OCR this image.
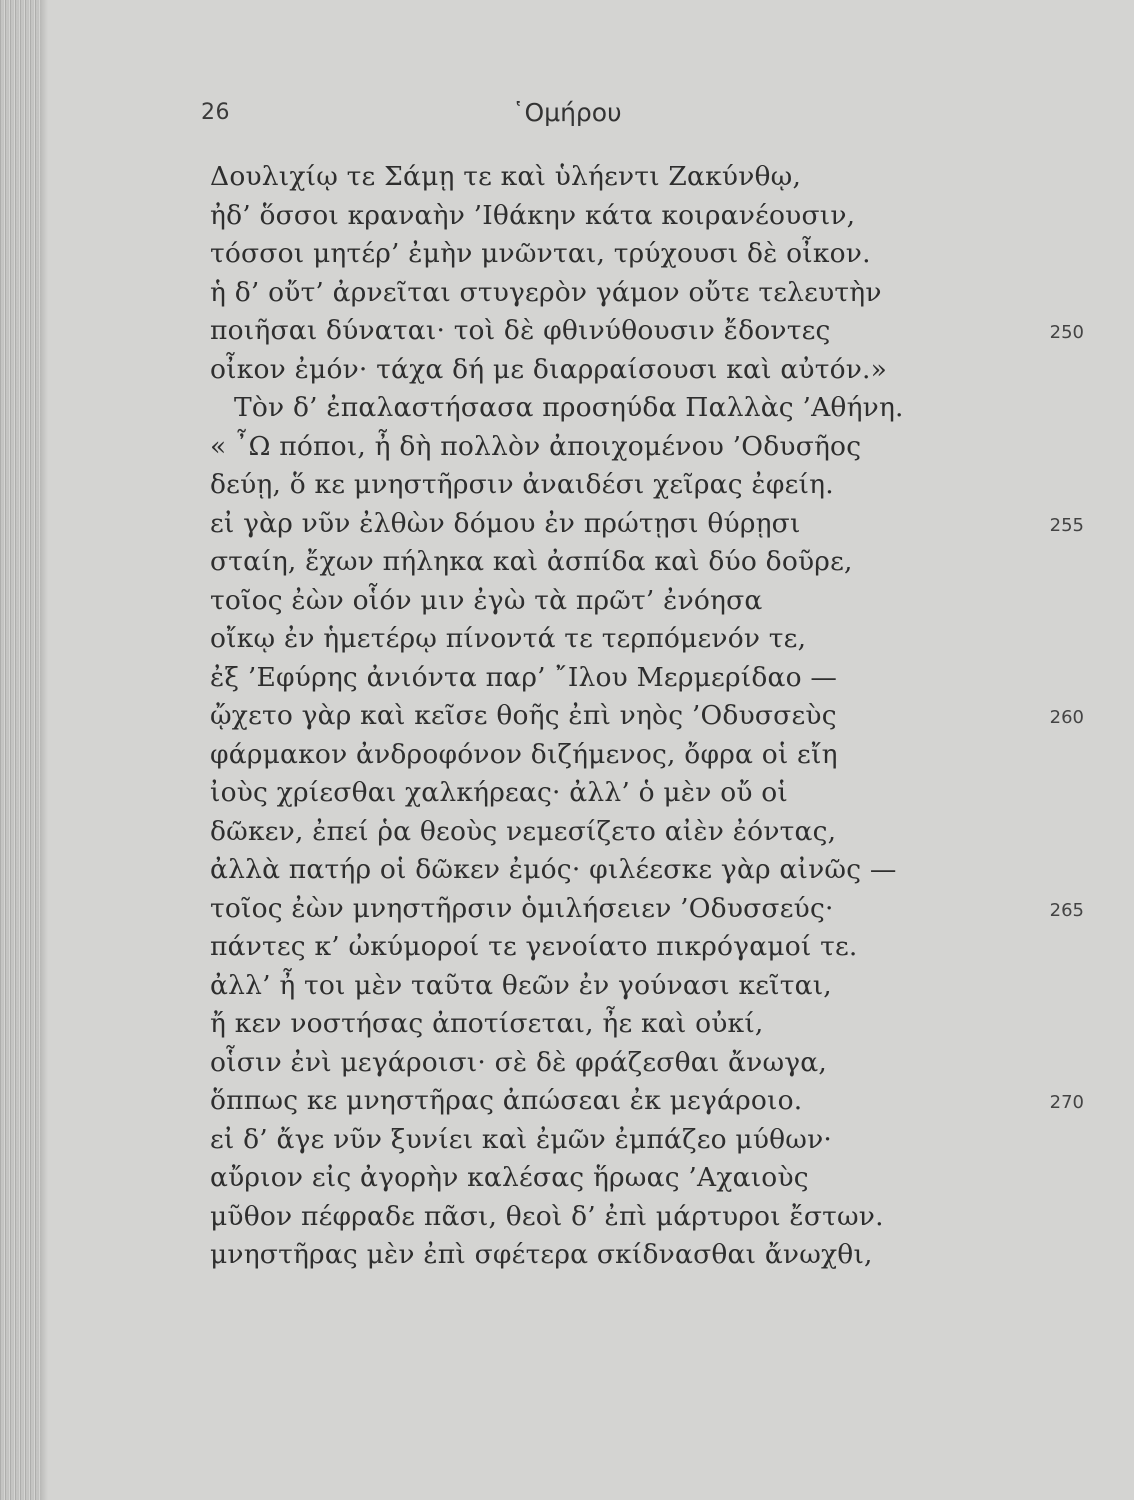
26	῾Ομήρου
Δουλιχίῳ τε Σάμῃ τε καὶ ὑλήεντι Ζακύνθῳ,
ἠδ’ ὅσσοι κραναὴν ’Ιθάκην κάτα κοιρανέουσιν,
τόσσοι μητέρ’ ἐμὴν μνῶνται, τρύχουσι δὲ οἶκον.
ἡ δ’ οὔτ’ ἀρνεῖται στυγερὸν γάμον οὔτε τελευτὴν
ποιῆσαι δύναται· τοὶ δὲ φθινύθουσιν ἔδοντες	250
οἶκον ἐμόν· τάχα δή με διαρραίσουσι καὶ αὐτόν.»
Τὸν δ’ ἐπαλαστήσασα προσηύδα Παλλὰς ’Αθήνη.
« ῏Ω πόποι, ἦ δὴ πολλὸν ἀποιχομένου ’Οδυσῆος
δεύῃ, ὅ κε μνηστῆρσιν ἀναιδέσι χεῖρας ἐφείη.
εἰ γὰρ νῦν ἐλθὼν δόμου ἐν πρώτῃσι θύρῃσι	255
σταίη, ἔχων πήληκα καὶ ἀσπίδα καὶ δύο δοῦρε,
τοῖος ἐὼν οἷόν μιν ἐγὼ τὰ πρῶτ’ ἐνόησα
οἴκῳ ἐν ἡμετέρῳ πίνοντά τε τερπόμενόν τε,
ἐξ ’Εφύρης ἀνιόντα παρ’ ῎Ιλου Μερμερίδαο —
ᾤχετο γὰρ καὶ κεῖσε θοῆς ἐπὶ νηὸς ’Οδυσσεὺς	260
φάρμακον ἀνδροφόνον διζήμενος, ὄφρα οἱ εἴη
ἰοὺς χρίεσθαι χαλκήρεας· ἀλλ’ ὁ μὲν οὔ οἱ
δῶκεν, ἐπεί ῥα θεοὺς νεμεσίζετο αἰὲν ἐόντας,
ἀλλὰ πατήρ οἱ δῶκεν ἐμός· φιλέεσκε γὰρ αἰνῶς —
τοῖος ἐὼν μνηστῆρσιν ὁμιλήσειεν ’Οδυσσεύς·	265
πάντες κ’ ὠκύμοροί τε γενοίατο πικρόγαμοί τε.
ἀλλ’ ἦ τοι μὲν ταῦτα θεῶν ἐν γούνασι κεῖται,
ἤ κεν νοστήσας ἀποτίσεται, ἦε καὶ οὐκί,
οἷσιν ἐνὶ μεγάροισι· σὲ δὲ φράζεσθαι ἄνωγα,
ὅππως κε μνηστῆρας ἀπώσεαι ἐκ μεγάροιο.	270
εἰ δ’ ἄγε νῦν ξυνίει καὶ ἐμῶν ἐμπάζεο μύθων·
αὔριον εἰς ἀγορὴν καλέσας ἥρωας ’Αχαιοὺς
μῦθον πέφραδε πᾶσι, θεοὶ δ’ ἐπὶ μάρτυροι ἔστων.
μνηστῆρας μὲν ἐπὶ σφέτερα σκίδνασθαι ἄνωχθι,
